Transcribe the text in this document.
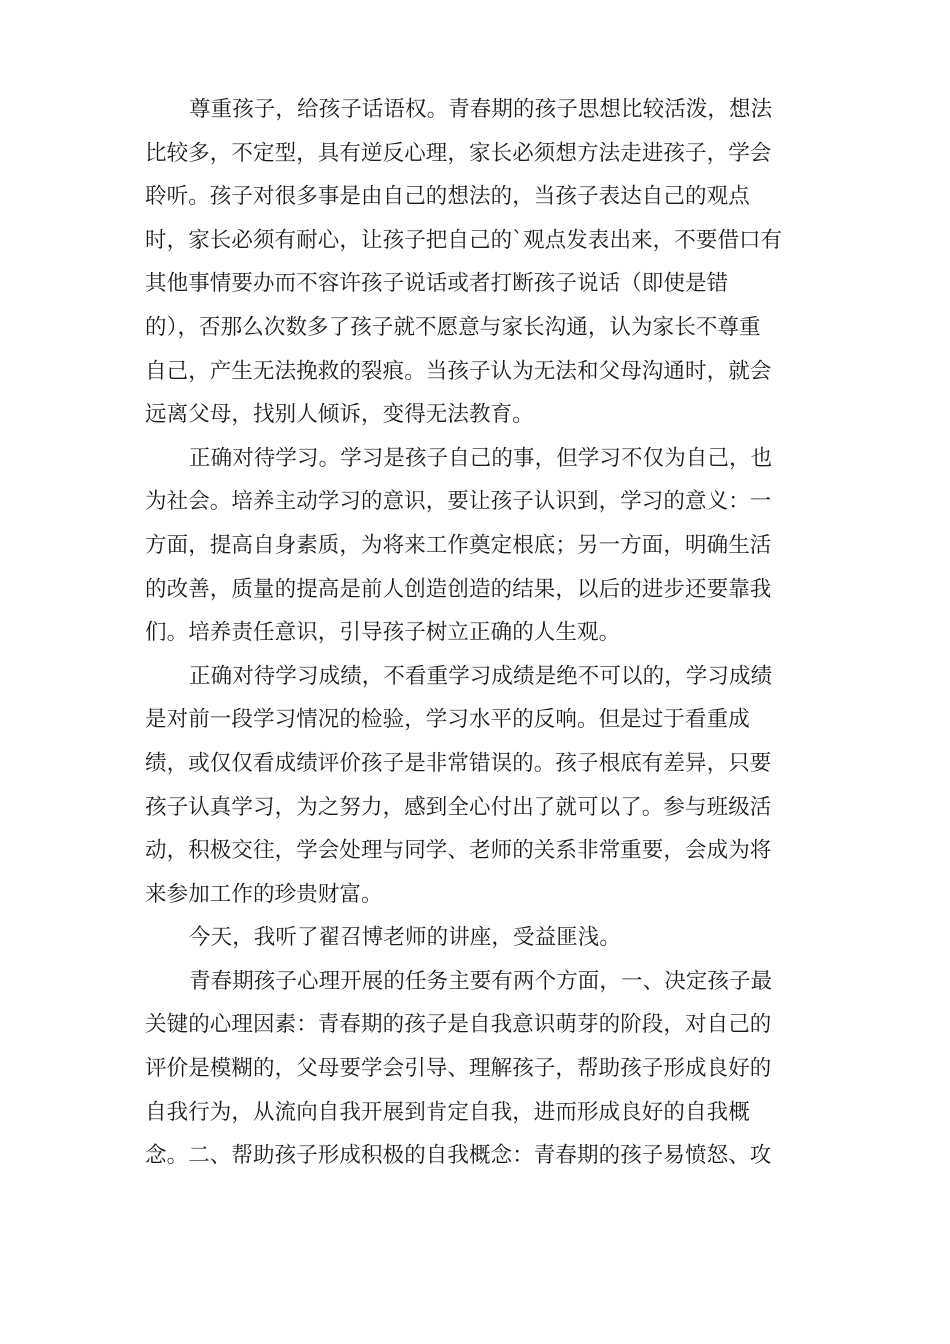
尊重孩子，给孩子话语权。青春期的孩子思想比较活泼，想法
比较多，不定型，具有逆反心理，家长必须想方法走进孩子，学会
聆听。孩子对很多事是由自己的想法的，当孩子表达自己的观点
时，家长必须有耐心，让孩子把自己的`观点发表出来，不要借口有
其他事情要办而不容许孩子说话或者打断孩子说话（即使是错
的），否那么次数多了孩子就不愿意与家长沟通，认为家长不尊重
自己，产生无法挽救的裂痕。当孩子认为无法和父母沟通时，就会
远离父母，找别人倾诉，变得无法教育。
正确对待学习。学习是孩子自己的事，但学习不仅为自己，也
为社会。培养主动学习的意识，要让孩子认识到，学习的意义：一
方面，提高自身素质，为将来工作奠定根底；另一方面，明确生活
的改善，质量的提高是前人创造创造的结果，以后的进步还要靠我
们。培养责任意识，引导孩子树立正确的人生观。
正确对待学习成绩，不看重学习成绩是绝不可以的，学习成绩
是对前一段学习情况的检验，学习水平的反响。但是过于看重成
绩，或仅仅看成绩评价孩子是非常错误的。孩子根底有差异，只要
孩子认真学习，为之努力，感到全心付出了就可以了。参与班级活
动，积极交往，学会处理与同学、老师的关系非常重要，会成为将
来参加工作的珍贵财富。
今天，我听了翟召博老师的讲座，受益匪浅。
青春期孩子心理开展的任务主要有两个方面，一、决定孩子最
关键的心理因素：青春期的孩子是自我意识萌芽的阶段，对自己的
评价是模糊的，父母要学会引导、理解孩子，帮助孩子形成良好的
自我行为，从流向自我开展到肯定自我，进而形成良好的自我概
念。二、帮助孩子形成积极的自我概念：青春期的孩子易愤怒、攻
